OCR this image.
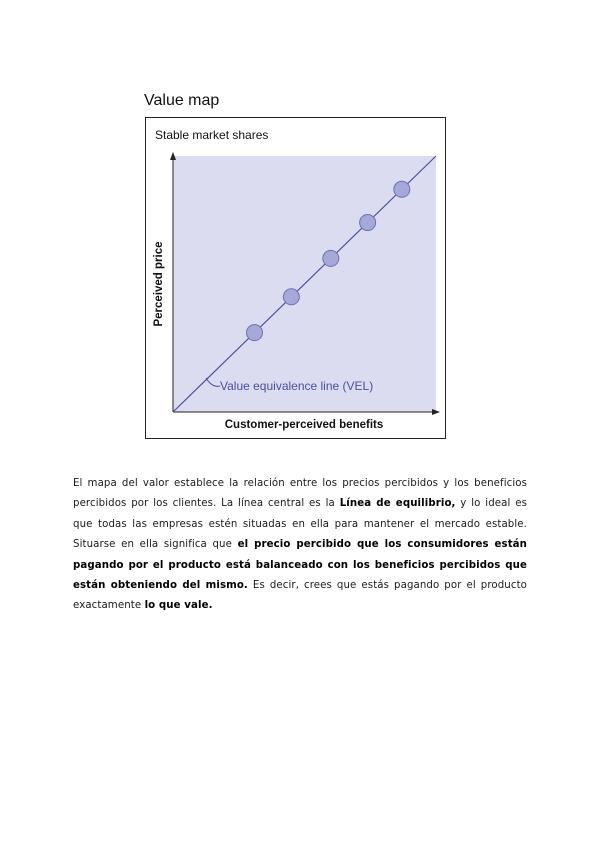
Value map
Stable market shares
Value equivalence line (VEL)
Customer-perceived benefits
Perceived price

El mapa del valor establece la relación entre los precios percibidos y los beneficios percibidos por los clientes. La línea central es la Línea de equilibrio, y lo ideal es que todas las empresas estén situadas en ella para mantener el mercado estable. Situarse en ella significa que el precio percibido que los consumidores están pagando por el producto está balanceado con los beneficios percibidos que están obteniendo del mismo. Es decir, crees que estás pagando por el producto exactamente lo que vale.
